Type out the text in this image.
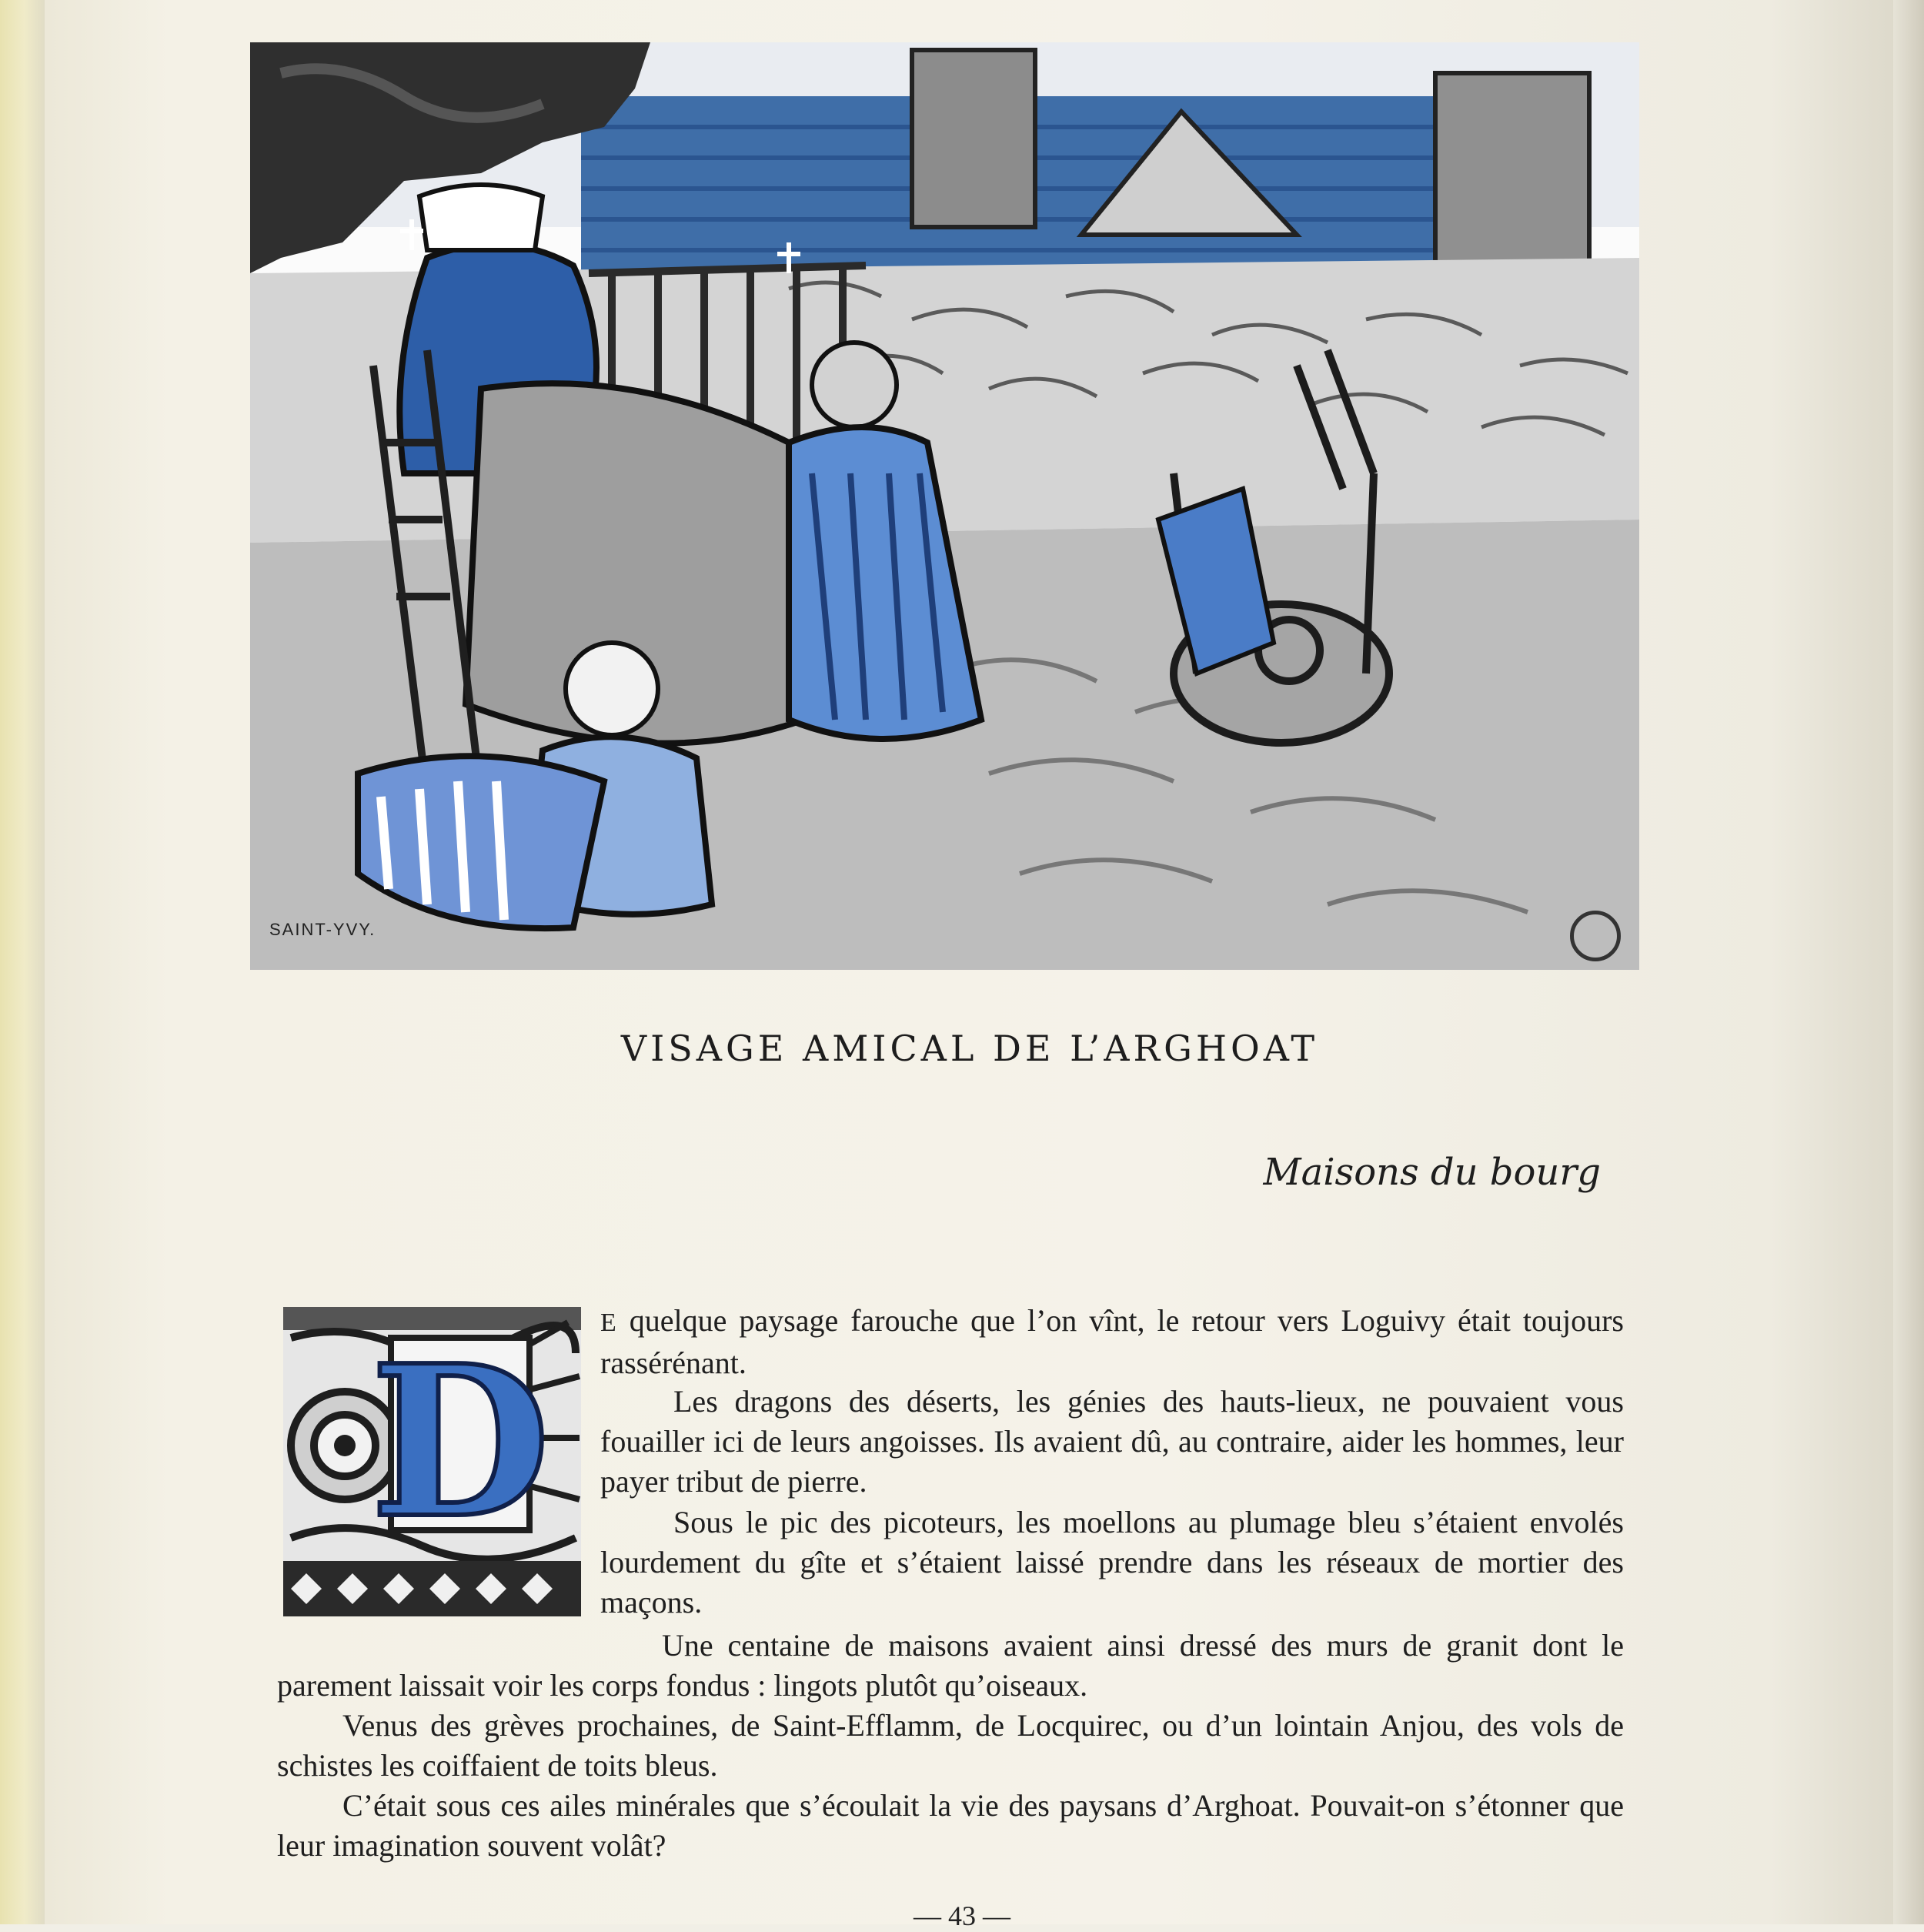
SAINT-YVY.
VISAGE AMICAL DE L’ARGHOAT
Maisons du bourg
D E quelque paysage farouche que l’on vînt, le retour vers Loguivy était toujours rassérénant.
Les dragons des déserts, les génies des hauts-lieux, ne pouvaient vous fouailler ici de leurs angoisses. Ils avaient dû, au contraire, aider les hommes, leur payer tribut de pierre.
Sous le pic des picoteurs, les moellons au plumage bleu s’étaient envolés lourdement du gîte et s’étaient laissé prendre dans les réseaux de mortier des maçons.
Une centaine de maisons avaient ainsi dressé des murs de granit dont le parement laissait voir les corps fondus : lingots plutôt qu’oiseaux.
Venus des grèves prochaines, de Saint-Efflamm, de Locquirec, ou d’un lointain Anjou, des vols de schistes les coiffaient de toits bleus.
C’était sous ces ailes minérales que s’écoulait la vie des paysans d’Arghoat. Pouvait-on s’étonner que leur imagination souvent volât?
— 43 —
